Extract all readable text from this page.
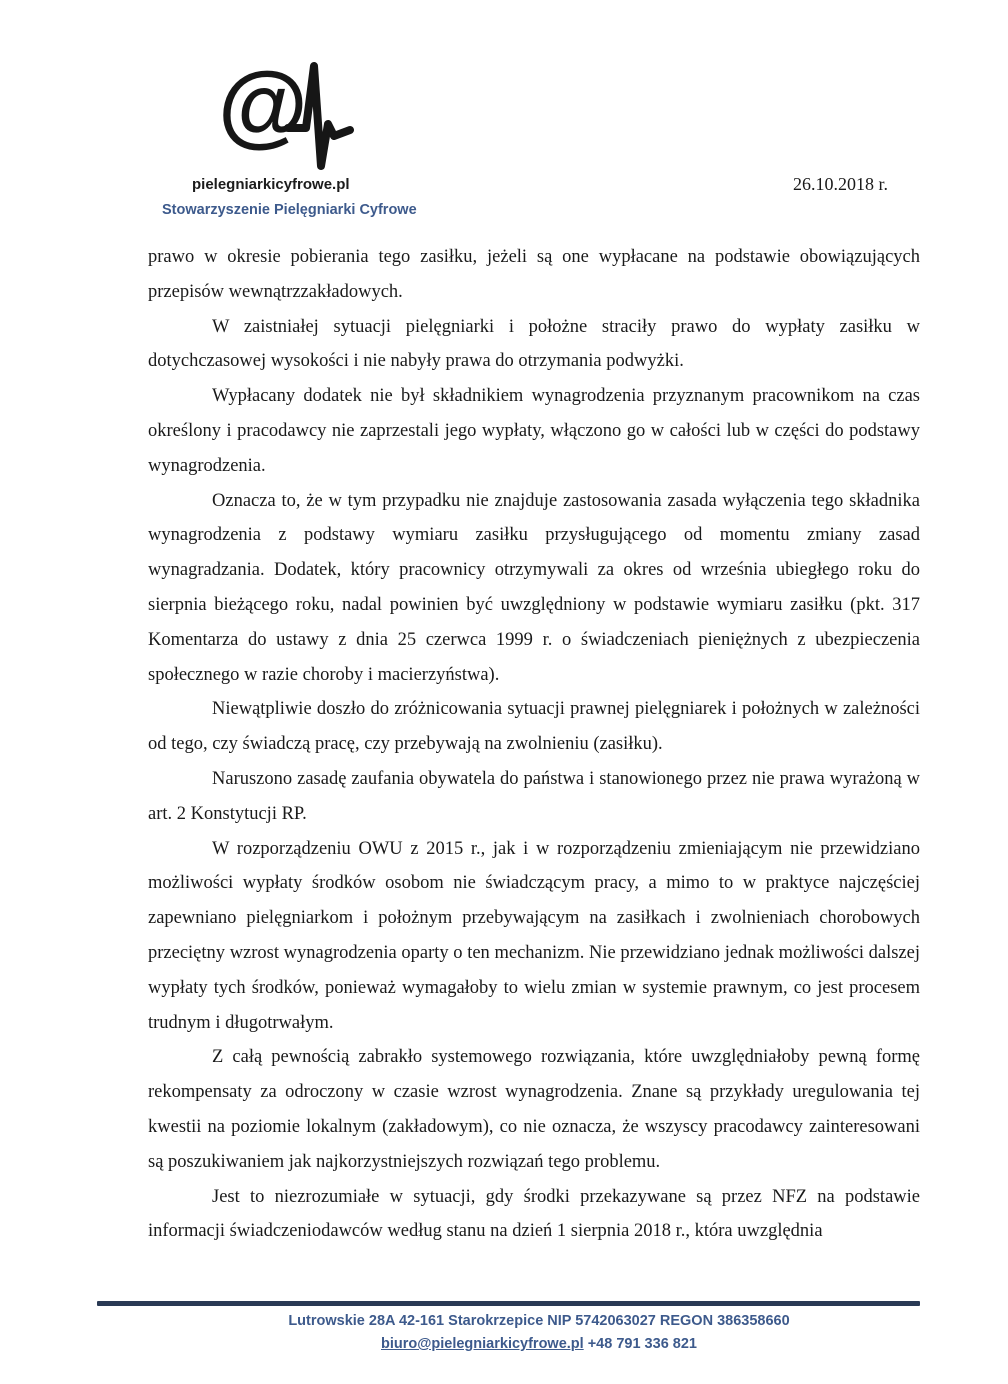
@
pielegniarkicyfrowe.pl
Stowarzyszenie Pielęgniarki Cyfrowe
26.10.2018 r.

prawo w okresie pobierania tego zasiłku, jeżeli są one wypłacane na podstawie obowiązujących przepisów wewnątrzzakładowych.

W zaistniałej sytuacji pielęgniarki i położne straciły prawo do wypłaty zasiłku w dotychczasowej wysokości i nie nabyły prawa do otrzymania podwyżki.

Wypłacany dodatek nie był składnikiem wynagrodzenia przyznanym pracownikom na czas określony i pracodawcy nie zaprzestali jego wypłaty, włączono go w całości lub w części do podstawy wynagrodzenia.

Oznacza to, że w tym przypadku nie znajduje zastosowania zasada wyłączenia tego składnika wynagrodzenia z podstawy wymiaru zasiłku przysługującego od momentu zmiany zasad wynagradzania. Dodatek, który pracownicy otrzymywali za okres od września ubiegłego roku do sierpnia bieżącego roku, nadal powinien być uwzględniony w podstawie wymiaru zasiłku (pkt. 317 Komentarza do ustawy z dnia 25 czerwca 1999 r. o świadczeniach pieniężnych z ubezpieczenia społecznego w razie choroby i macierzyństwa).

Niewątpliwie doszło do zróżnicowania sytuacji prawnej pielęgniarek i położnych w zależności od tego, czy świadczą pracę, czy przebywają na zwolnieniu (zasiłku).

Naruszono zasadę zaufania obywatela do państwa i stanowionego przez nie prawa wyrażoną w art. 2 Konstytucji RP.

W rozporządzeniu OWU z 2015 r., jak i w rozporządzeniu zmieniającym nie przewidziano możliwości wypłaty środków osobom nie świadczącym pracy, a mimo to w praktyce najczęściej zapewniano pielęgniarkom i położnym przebywającym na zasiłkach i zwolnieniach chorobowych przeciętny wzrost wynagrodzenia oparty o ten mechanizm. Nie przewidziano jednak możliwości dalszej wypłaty tych środków, ponieważ wymagałoby to wielu zmian w systemie prawnym, co jest procesem trudnym i długotrwałym.

Z całą pewnością zabrakło systemowego rozwiązania, które uwzględniałoby pewną formę rekompensaty za odroczony w czasie wzrost wynagrodzenia. Znane są przykłady uregulowania tej kwestii na poziomie lokalnym (zakładowym), co nie oznacza, że wszyscy pracodawcy zainteresowani są poszukiwaniem jak najkorzystniejszych rozwiązań tego problemu.

Jest to niezrozumiałe w sytuacji, gdy środki przekazywane są przez NFZ na podstawie informacji świadczeniodawców według stanu na dzień 1 sierpnia 2018 r., która uwzględnia

Lutrowskie 28A 42-161 Starokrzepice NIP 5742063027 REGON 386358660
biuro@pielegniarkicyfrowe.pl +48 791 336 821
